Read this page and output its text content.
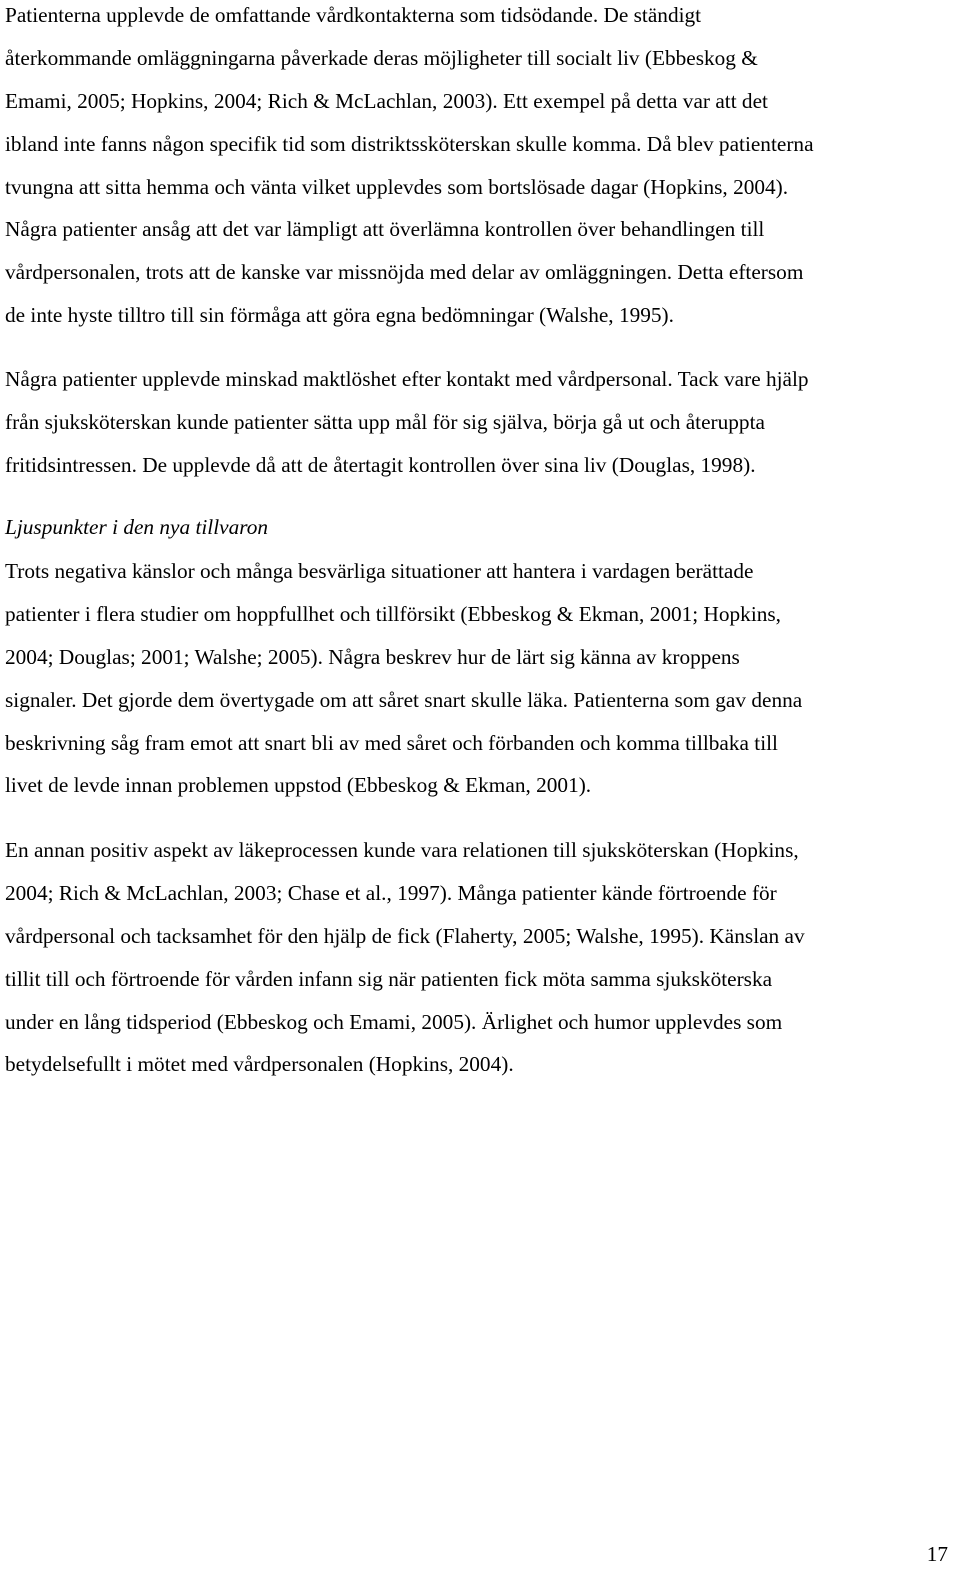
Patienterna upplevde de omfattande vårdkontakterna som tidsödande. De ständigt
återkommande omläggningarna påverkade deras möjligheter till socialt liv (Ebbeskog &
Emami, 2005; Hopkins, 2004; Rich & McLachlan, 2003). Ett exempel på detta var att det
ibland inte fanns någon specifik tid som distriktssköterskan skulle komma. Då blev patienterna
tvungna att sitta hemma och vänta vilket upplevdes som bortslösade dagar (Hopkins, 2004).
Några patienter ansåg att det var lämpligt att överlämna kontrollen över behandlingen till
vårdpersonalen, trots att de kanske var missnöjda med delar av omläggningen. Detta eftersom
de inte hyste tilltro till sin förmåga att göra egna bedömningar (Walshe, 1995).
Några patienter upplevde minskad maktlöshet efter kontakt med vårdpersonal. Tack vare hjälp
från sjuksköterskan kunde patienter sätta upp mål för sig själva, börja gå ut och återuppta
fritidsintressen. De upplevde då att de återtagit kontrollen över sina liv (Douglas, 1998).
Ljuspunkter i den nya tillvaron
Trots negativa känslor och många besvärliga situationer att hantera i vardagen berättade
patienter i flera studier om hoppfullhet och tillförsikt (Ebbeskog & Ekman, 2001; Hopkins,
2004; Douglas; 2001; Walshe; 2005). Några beskrev hur de lärt sig känna av kroppens
signaler. Det gjorde dem övertygade om att såret snart skulle läka. Patienterna som gav denna
beskrivning såg fram emot att snart bli av med såret och förbanden och komma tillbaka till
livet de levde innan problemen uppstod (Ebbeskog & Ekman, 2001).
En annan positiv aspekt av läkeprocessen kunde vara relationen till sjuksköterskan (Hopkins,
2004; Rich & McLachlan, 2003; Chase et al., 1997). Många patienter kände förtroende för
vårdpersonal och tacksamhet för den hjälp de fick (Flaherty, 2005; Walshe, 1995). Känslan av
tillit till och förtroende för vården infann sig när patienten fick möta samma sjuksköterska
under en lång tidsperiod (Ebbeskog och Emami, 2005). Ärlighet och humor upplevdes som
betydelsefullt i mötet med vårdpersonalen (Hopkins, 2004).
17
